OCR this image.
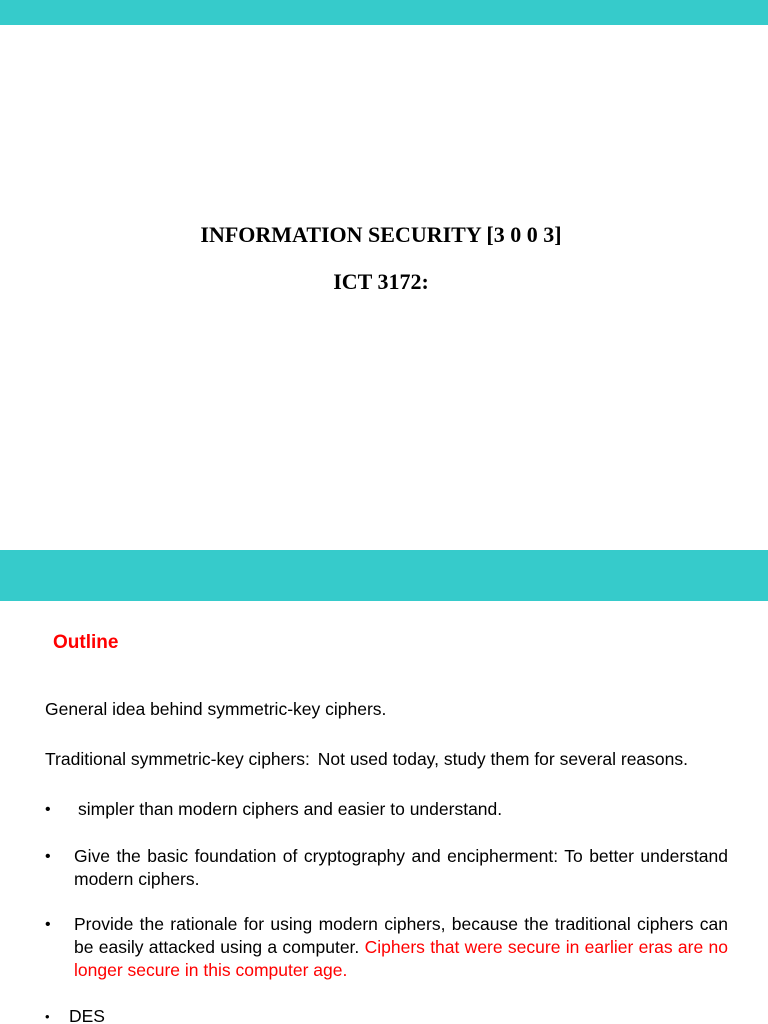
INFORMATION SECURITY [3 0 0 3]
ICT 3172:
Outline
General idea behind symmetric-key ciphers.
Traditional symmetric-key ciphers: Not used today, study them for several reasons.
• simpler than modern ciphers and easier to understand.
• Give the basic foundation of cryptography and encipherment: To better understand modern ciphers.
• Provide the rationale for using modern ciphers, because the traditional ciphers can be easily attacked using a computer. Ciphers that were secure in earlier eras are no longer secure in this computer age.
• DES
